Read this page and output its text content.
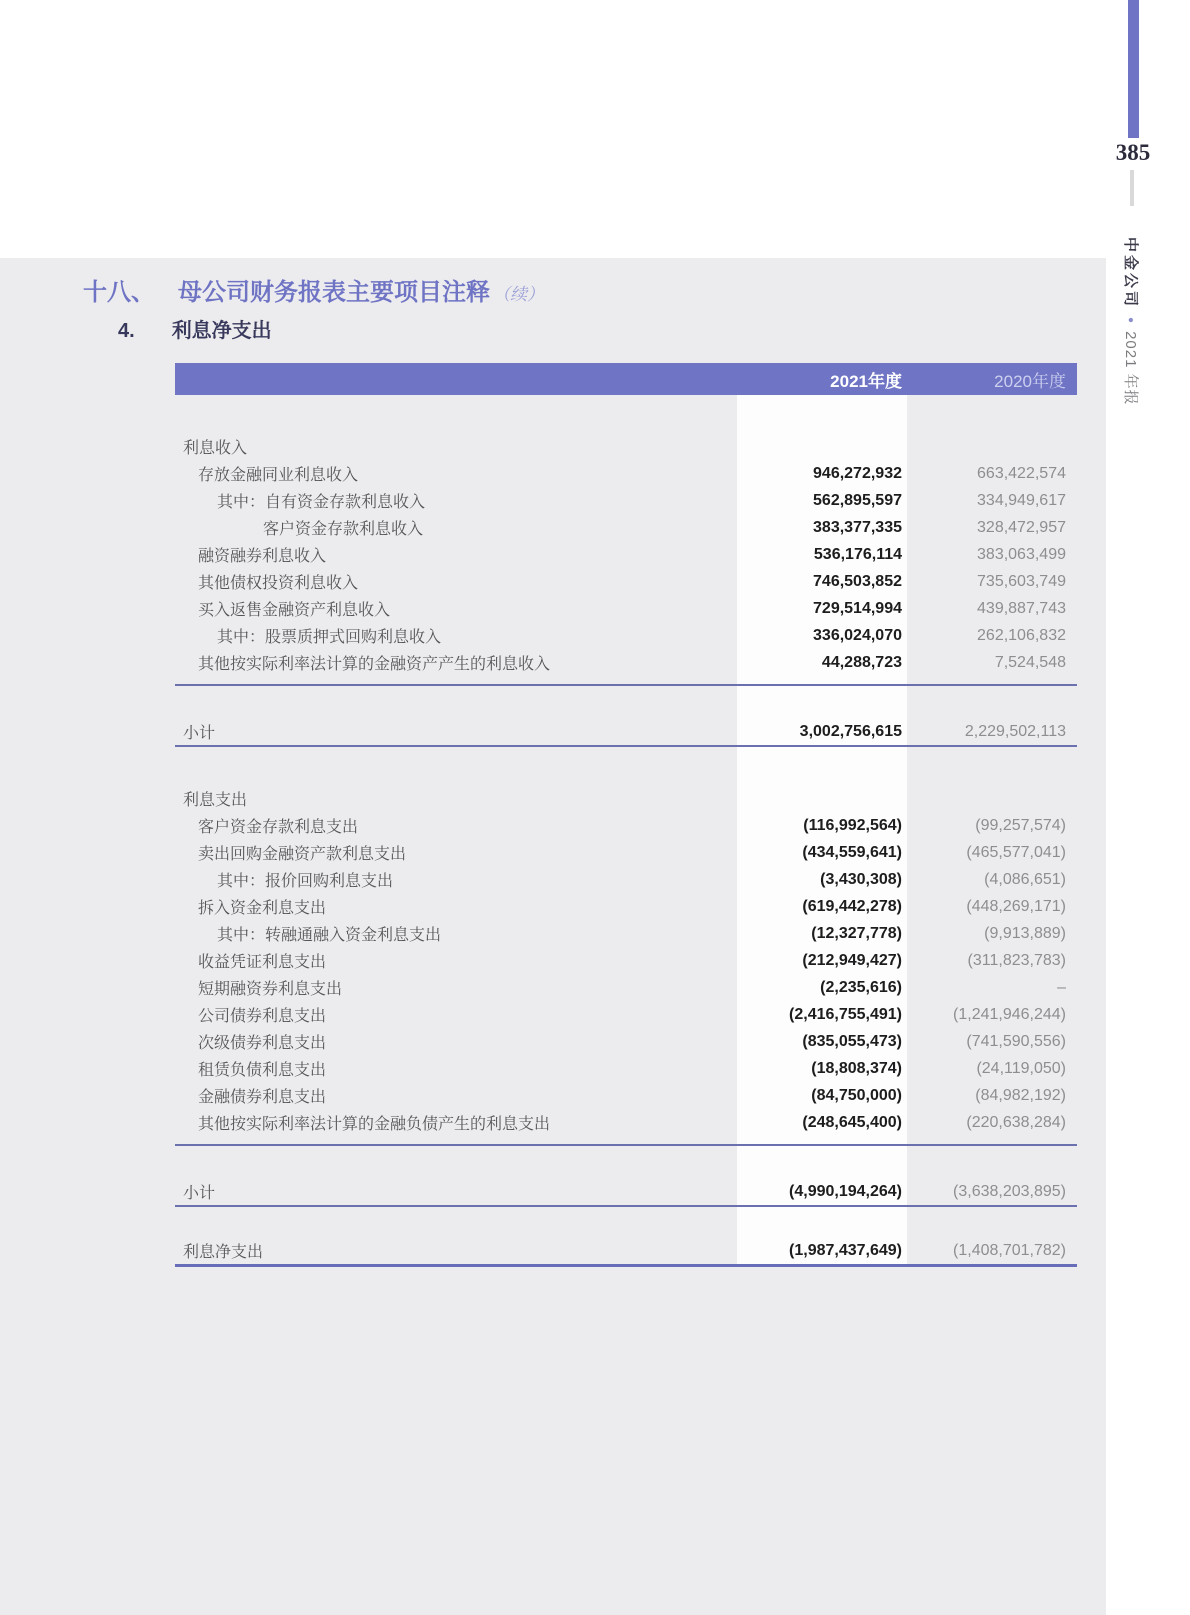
385
中金公司●2021 年报
十八、 母公司财务报表主要项目注释 （续）
4. 利息净支出
2021年度	2020年度
利息收入
存放金融同业利息收入	946,272,932	663,422,574
其中：自有资金存款利息收入	562,895,597	334,949,617
客户资金存款利息收入	383,377,335	328,472,957
融资融券利息收入	536,176,114	383,063,499
其他债权投资利息收入	746,503,852	735,603,749
买入返售金融资产利息收入	729,514,994	439,887,743
其中：股票质押式回购利息收入	336,024,070	262,106,832
其他按实际利率法计算的金融资产产生的利息收入	44,288,723	7,524,548
小计	3,002,756,615	2,229,502,113
利息支出
客户资金存款利息支出	(116,992,564)	(99,257,574)
卖出回购金融资产款利息支出	(434,559,641)	(465,577,041)
其中：报价回购利息支出	(3,430,308)	(4,086,651)
拆入资金利息支出	(619,442,278)	(448,269,171)
其中：转融通融入资金利息支出	(12,327,778)	(9,913,889)
收益凭证利息支出	(212,949,427)	(311,823,783)
短期融资券利息支出	(2,235,616)	–
公司债券利息支出	(2,416,755,491)	(1,241,946,244)
次级债券利息支出	(835,055,473)	(741,590,556)
租赁负债利息支出	(18,808,374)	(24,119,050)
金融债券利息支出	(84,750,000)	(84,982,192)
其他按实际利率法计算的金融负债产生的利息支出	(248,645,400)	(220,638,284)
小计	(4,990,194,264)	(3,638,203,895)
利息净支出	(1,987,437,649)	(1,408,701,782)
